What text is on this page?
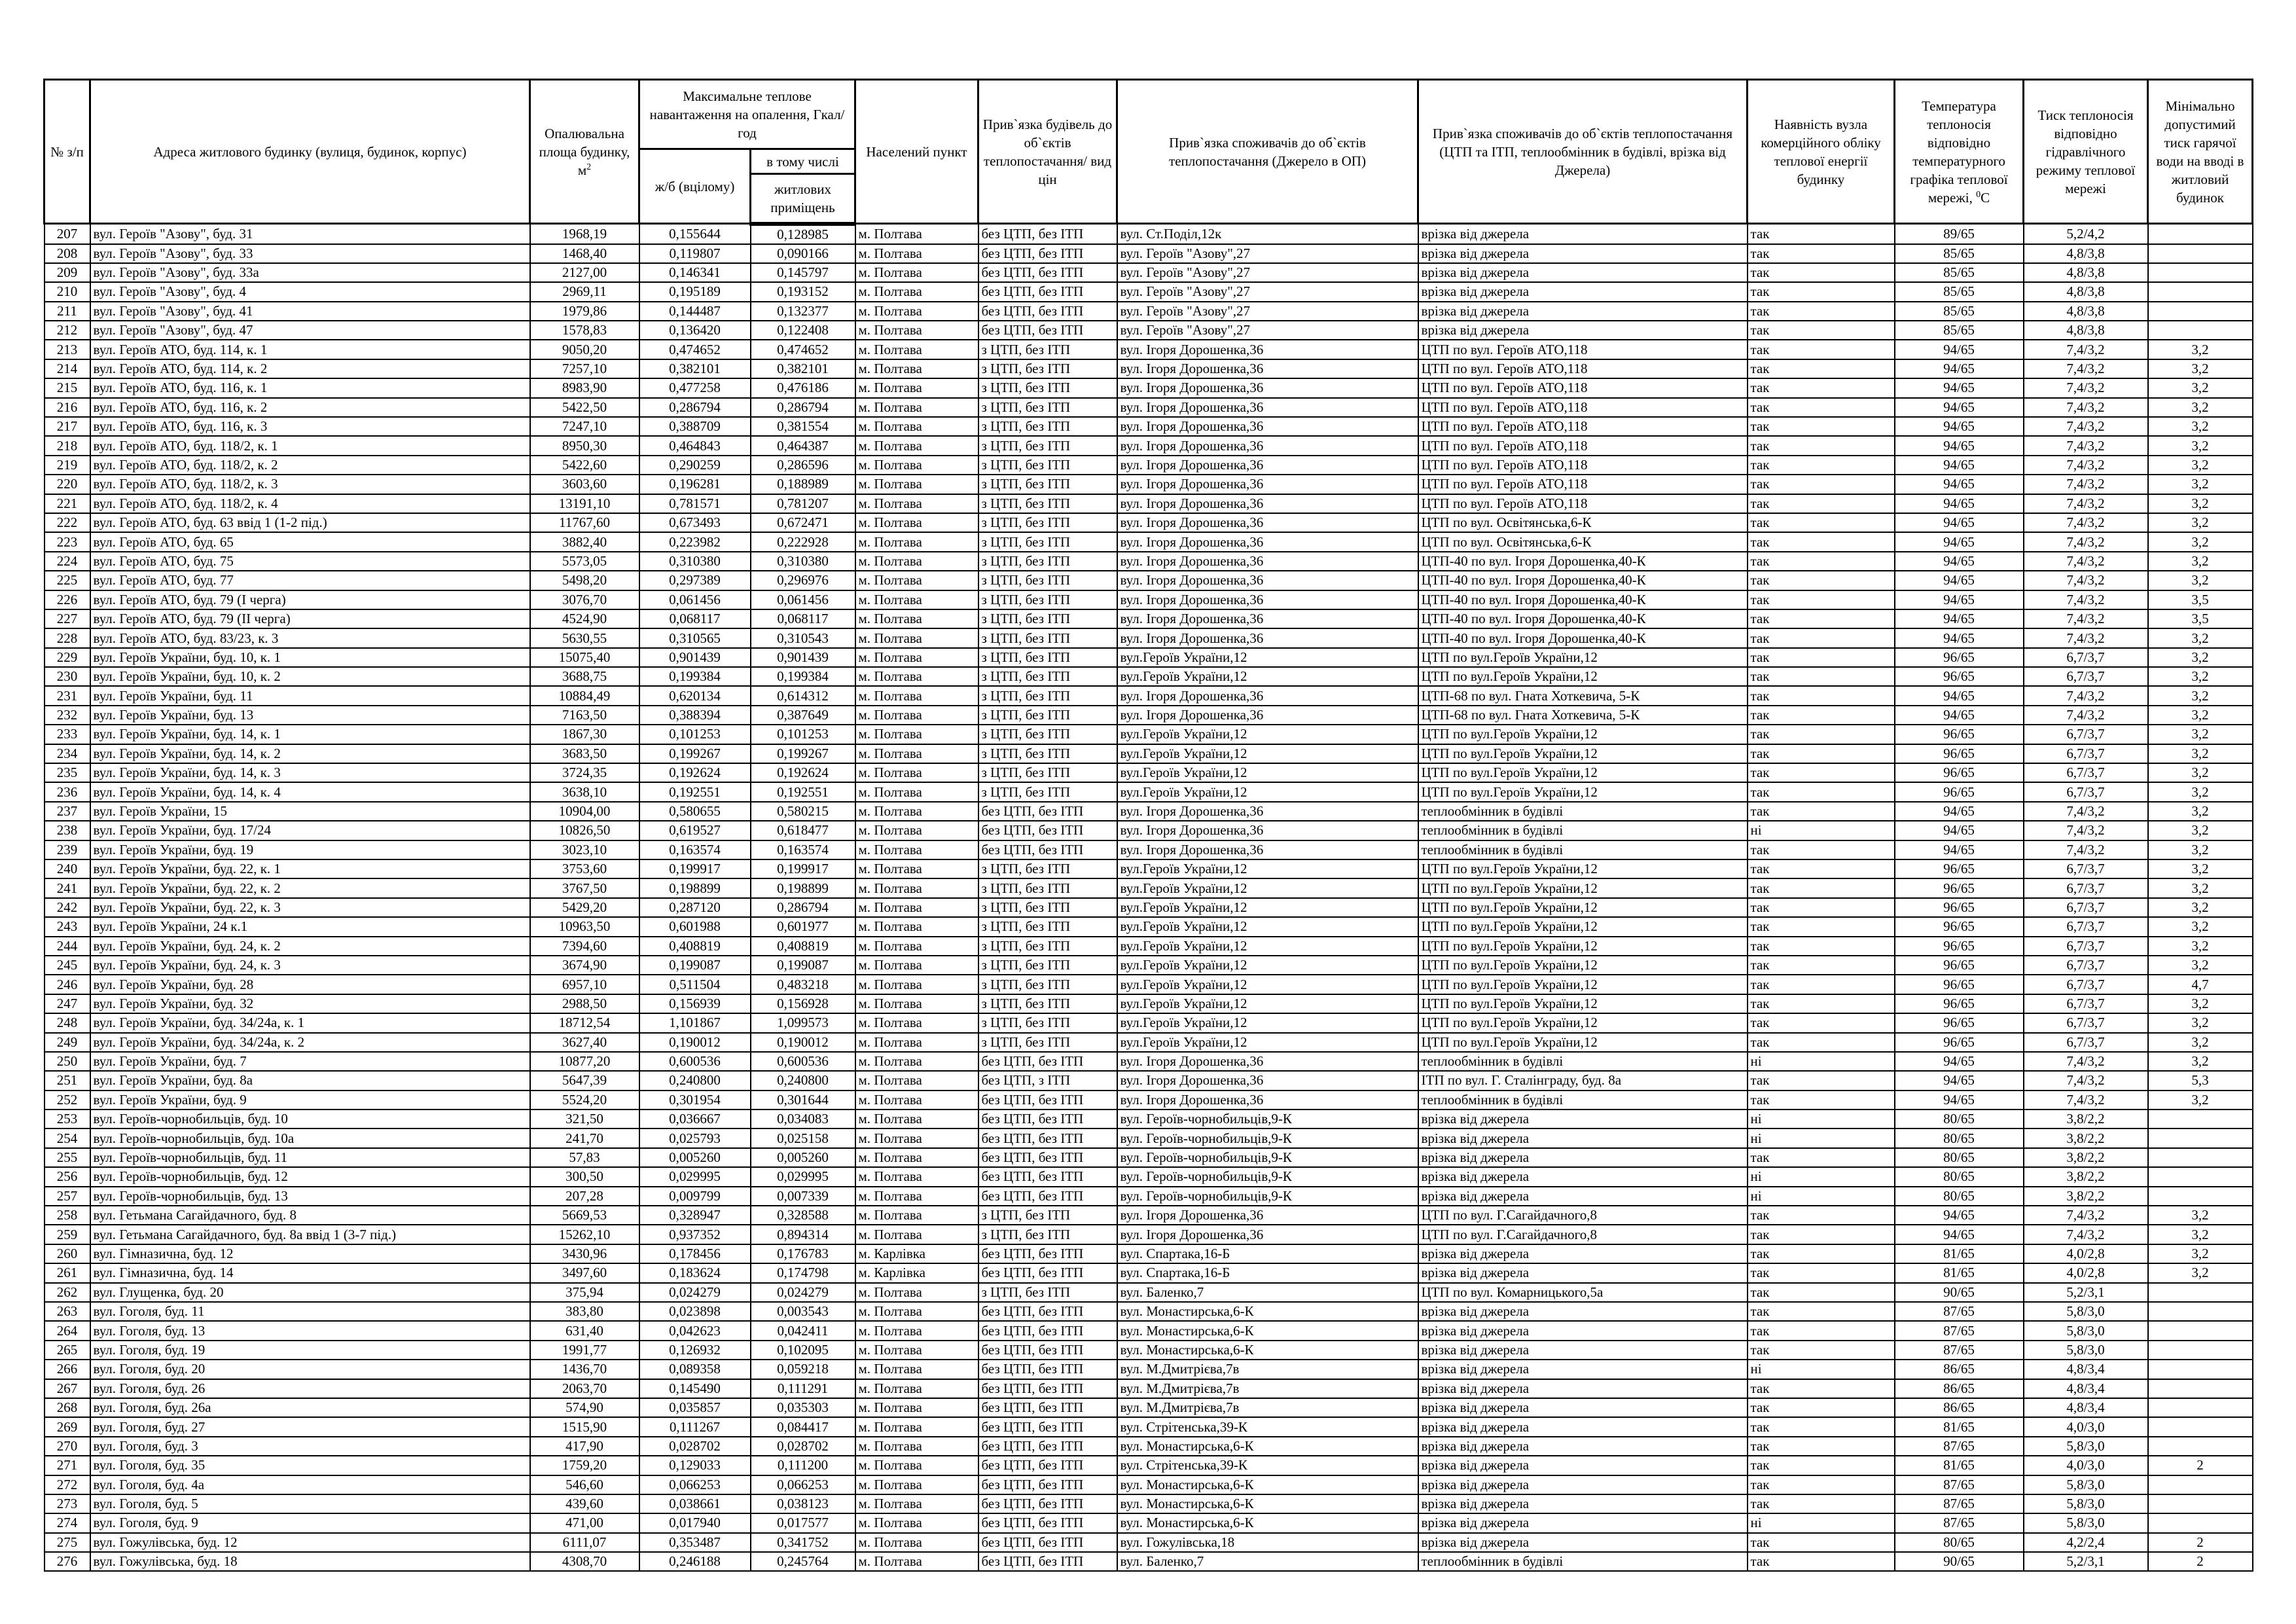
№ з/п	Адреса житлового будинку (вулиця, будинок, корпус)	Опалювальна площа будинку, $м^2$	Максимальне теплове навантаження на опалення, Гкал/год		Населений пункт	Прив`язка будівель до об`єктів теплопостачання/ вид цін	Прив`язка споживачів до об`єктів теплопостачання (Джерело в ОП)	Прив`язка споживачів до об`єктів теплопостачання (ЦТП та ІТП, теплообмінник в будівлі, врізка від Джерела)	Наявність вузла комерційного обліку теплової енергії будинку	Температура теплоносія відповідно температурного графіка теплової мережі, $^0$C	Тиск теплоносія відповідно гідравлічного режиму теплової мережі	Мінімально допустимий тиск гарячої води на вводі в житловий будинок
			ж/б (вцілому)	в тому числі								
				житлових приміщень								
207	вул. Героїв "Азову", буд. 31	1968,19	0,155644	0,128985	м. Полтава	без ЦТП, без ІТП	вул. Ст.Поділ,12к	врізка від джерела	так	89/65	5,2/4,2	
208	вул. Героїв "Азову", буд. 33	1468,40	0,119807	0,090166	м. Полтава	без ЦТП, без ІТП	вул. Героїв "Азову",27	врізка від джерела	так	85/65	4,8/3,8	
209	вул. Героїв "Азову", буд. 33а	2127,00	0,146341	0,145797	м. Полтава	без ЦТП, без ІТП	вул. Героїв "Азову",27	врізка від джерела	так	85/65	4,8/3,8	
210	вул. Героїв "Азову", буд. 4	2969,11	0,195189	0,193152	м. Полтава	без ЦТП, без ІТП	вул. Героїв "Азову",27	врізка від джерела	так	85/65	4,8/3,8	
211	вул. Героїв "Азову", буд. 41	1979,86	0,144487	0,132377	м. Полтава	без ЦТП, без ІТП	вул. Героїв "Азову",27	врізка від джерела	так	85/65	4,8/3,8	
212	вул. Героїв "Азову", буд. 47	1578,83	0,136420	0,122408	м. Полтава	без ЦТП, без ІТП	вул. Героїв "Азову",27	врізка від джерела	так	85/65	4,8/3,8	
213	вул. Героїв АТО, буд. 114, к. 1	9050,20	0,474652	0,474652	м. Полтава	з ЦТП, без ІТП	вул. Ігоря Дорошенка,36	ЦТП по вул. Героїв АТО,118	так	94/65	7,4/3,2	3,2
214	вул. Героїв АТО, буд. 114, к. 2	7257,10	0,382101	0,382101	м. Полтава	з ЦТП, без ІТП	вул. Ігоря Дорошенка,36	ЦТП по вул. Героїв АТО,118	так	94/65	7,4/3,2	3,2
215	вул. Героїв АТО, буд. 116, к. 1	8983,90	0,477258	0,476186	м. Полтава	з ЦТП, без ІТП	вул. Ігоря Дорошенка,36	ЦТП по вул. Героїв АТО,118	так	94/65	7,4/3,2	3,2
216	вул. Героїв АТО, буд. 116, к. 2	5422,50	0,286794	0,286794	м. Полтава	з ЦТП, без ІТП	вул. Ігоря Дорошенка,36	ЦТП по вул. Героїв АТО,118	так	94/65	7,4/3,2	3,2
217	вул. Героїв АТО, буд. 116, к. 3	7247,10	0,388709	0,381554	м. Полтава	з ЦТП, без ІТП	вул. Ігоря Дорошенка,36	ЦТП по вул. Героїв АТО,118	так	94/65	7,4/3,2	3,2
218	вул. Героїв АТО, буд. 118/2, к. 1	8950,30	0,464843	0,464387	м. Полтава	з ЦТП, без ІТП	вул. Ігоря Дорошенка,36	ЦТП по вул. Героїв АТО,118	так	94/65	7,4/3,2	3,2
219	вул. Героїв АТО, буд. 118/2, к. 2	5422,60	0,290259	0,286596	м. Полтава	з ЦТП, без ІТП	вул. Ігоря Дорошенка,36	ЦТП по вул. Героїв АТО,118	так	94/65	7,4/3,2	3,2
220	вул. Героїв АТО, буд. 118/2, к. 3	3603,60	0,196281	0,188989	м. Полтава	з ЦТП, без ІТП	вул. Ігоря Дорошенка,36	ЦТП по вул. Героїв АТО,118	так	94/65	7,4/3,2	3,2
221	вул. Героїв АТО, буд. 118/2, к. 4	13191,10	0,781571	0,781207	м. Полтава	з ЦТП, без ІТП	вул. Ігоря Дорошенка,36	ЦТП по вул. Героїв АТО,118	так	94/65	7,4/3,2	3,2
222	вул. Героїв АТО, буд. 63 ввід 1 (1-2 під.)	11767,60	0,673493	0,672471	м. Полтава	з ЦТП, без ІТП	вул. Ігоря Дорошенка,36	ЦТП по вул. Освітянська,6-К	так	94/65	7,4/3,2	3,2
223	вул. Героїв АТО, буд. 65	3882,40	0,223982	0,222928	м. Полтава	з ЦТП, без ІТП	вул. Ігоря Дорошенка,36	ЦТП по вул. Освітянська,6-К	так	94/65	7,4/3,2	3,2
224	вул. Героїв АТО, буд. 75	5573,05	0,310380	0,310380	м. Полтава	з ЦТП, без ІТП	вул. Ігоря Дорошенка,36	ЦТП-40 по вул. Ігоря Дорошенка,40-К	так	94/65	7,4/3,2	3,2
225	вул. Героїв АТО, буд. 77	5498,20	0,297389	0,296976	м. Полтава	з ЦТП, без ІТП	вул. Ігоря Дорошенка,36	ЦТП-40 по вул. Ігоря Дорошенка,40-К	так	94/65	7,4/3,2	3,2
226	вул. Героїв АТО, буд. 79 (І черга)	3076,70	0,061456	0,061456	м. Полтава	з ЦТП, без ІТП	вул. Ігоря Дорошенка,36	ЦТП-40 по вул. Ігоря Дорошенка,40-К	так	94/65	7,4/3,2	3,5
227	вул. Героїв АТО, буд. 79 (ІІ черга)	4524,90	0,068117	0,068117	м. Полтава	з ЦТП, без ІТП	вул. Ігоря Дорошенка,36	ЦТП-40 по вул. Ігоря Дорошенка,40-К	так	94/65	7,4/3,2	3,5
228	вул. Героїв АТО, буд. 83/23, к. 3	5630,55	0,310565	0,310543	м. Полтава	з ЦТП, без ІТП	вул. Ігоря Дорошенка,36	ЦТП-40 по вул. Ігоря Дорошенка,40-К	так	94/65	7,4/3,2	3,2
229	вул. Героїв України, буд. 10, к. 1	15075,40	0,901439	0,901439	м. Полтава	з ЦТП, без ІТП	вул.Героїв України,12	ЦТП по вул.Героїв України,12	так	96/65	6,7/3,7	3,2
230	вул. Героїв України, буд. 10, к. 2	3688,75	0,199384	0,199384	м. Полтава	з ЦТП, без ІТП	вул.Героїв України,12	ЦТП по вул.Героїв України,12	так	96/65	6,7/3,7	3,2
231	вул. Героїв України, буд. 11	10884,49	0,620134	0,614312	м. Полтава	з ЦТП, без ІТП	вул. Ігоря Дорошенка,36	ЦТП-68 по вул. Гната Хоткевича, 5-К	так	94/65	7,4/3,2	3,2
232	вул. Героїв України, буд. 13	7163,50	0,388394	0,387649	м. Полтава	з ЦТП, без ІТП	вул. Ігоря Дорошенка,36	ЦТП-68 по вул. Гната Хоткевича, 5-К	так	94/65	7,4/3,2	3,2
233	вул. Героїв України, буд. 14, к. 1	1867,30	0,101253	0,101253	м. Полтава	з ЦТП, без ІТП	вул.Героїв України,12	ЦТП по вул.Героїв України,12	так	96/65	6,7/3,7	3,2
234	вул. Героїв України, буд. 14, к. 2	3683,50	0,199267	0,199267	м. Полтава	з ЦТП, без ІТП	вул.Героїв України,12	ЦТП по вул.Героїв України,12	так	96/65	6,7/3,7	3,2
235	вул. Героїв України, буд. 14, к. 3	3724,35	0,192624	0,192624	м. Полтава	з ЦТП, без ІТП	вул.Героїв України,12	ЦТП по вул.Героїв України,12	так	96/65	6,7/3,7	3,2
236	вул. Героїв України, буд. 14, к. 4	3638,10	0,192551	0,192551	м. Полтава	з ЦТП, без ІТП	вул.Героїв України,12	ЦТП по вул.Героїв України,12	так	96/65	6,7/3,7	3,2
237	вул. Героїв України, 15	10904,00	0,580655	0,580215	м. Полтава	без ЦТП, без ІТП	вул. Ігоря Дорошенка,36	теплообмінник в будівлі	так	94/65	7,4/3,2	3,2
238	вул. Героїв України, буд. 17/24	10826,50	0,619527	0,618477	м. Полтава	без ЦТП, без ІТП	вул. Ігоря Дорошенка,36	теплообмінник в будівлі	ні	94/65	7,4/3,2	3,2
239	вул. Героїв України, буд. 19	3023,10	0,163574	0,163574	м. Полтава	без ЦТП, без ІТП	вул. Ігоря Дорошенка,36	теплообмінник в будівлі	так	94/65	7,4/3,2	3,2
240	вул. Героїв України, буд. 22, к. 1	3753,60	0,199917	0,199917	м. Полтава	з ЦТП, без ІТП	вул.Героїв України,12	ЦТП по вул.Героїв України,12	так	96/65	6,7/3,7	3,2
241	вул. Героїв України, буд. 22, к. 2	3767,50	0,198899	0,198899	м. Полтава	з ЦТП, без ІТП	вул.Героїв України,12	ЦТП по вул.Героїв України,12	так	96/65	6,7/3,7	3,2
242	вул. Героїв України, буд. 22, к. 3	5429,20	0,287120	0,286794	м. Полтава	з ЦТП, без ІТП	вул.Героїв України,12	ЦТП по вул.Героїв України,12	так	96/65	6,7/3,7	3,2
243	вул. Героїв України, 24 к.1	10963,50	0,601988	0,601977	м. Полтава	з ЦТП, без ІТП	вул.Героїв України,12	ЦТП по вул.Героїв України,12	так	96/65	6,7/3,7	3,2
244	вул. Героїв України, буд. 24, к. 2	7394,60	0,408819	0,408819	м. Полтава	з ЦТП, без ІТП	вул.Героїв України,12	ЦТП по вул.Героїв України,12	так	96/65	6,7/3,7	3,2
245	вул. Героїв України, буд. 24, к. 3	3674,90	0,199087	0,199087	м. Полтава	з ЦТП, без ІТП	вул.Героїв України,12	ЦТП по вул.Героїв України,12	так	96/65	6,7/3,7	3,2
246	вул. Героїв України, буд. 28	6957,10	0,511504	0,483218	м. Полтава	з ЦТП, без ІТП	вул.Героїв України,12	ЦТП по вул.Героїв України,12	так	96/65	6,7/3,7	4,7
247	вул. Героїв України, буд. 32	2988,50	0,156939	0,156928	м. Полтава	з ЦТП, без ІТП	вул.Героїв України,12	ЦТП по вул.Героїв України,12	так	96/65	6,7/3,7	3,2
248	вул. Героїв України, буд. 34/24а, к. 1	18712,54	1,101867	1,099573	м. Полтава	з ЦТП, без ІТП	вул.Героїв України,12	ЦТП по вул.Героїв України,12	так	96/65	6,7/3,7	3,2
249	вул. Героїв України, буд. 34/24а, к. 2	3627,40	0,190012	0,190012	м. Полтава	з ЦТП, без ІТП	вул.Героїв України,12	ЦТП по вул.Героїв України,12	так	96/65	6,7/3,7	3,2
250	вул. Героїв України, буд. 7	10877,20	0,600536	0,600536	м. Полтава	без ЦТП, без ІТП	вул. Ігоря Дорошенка,36	теплообмінник в будівлі	ні	94/65	7,4/3,2	3,2
251	вул. Героїв України, буд. 8а	5647,39	0,240800	0,240800	м. Полтава	без ЦТП, з ІТП	вул. Ігоря Дорошенка,36	ІТП по вул. Г. Сталінграду, буд. 8а	так	94/65	7,4/3,2	5,3
252	вул. Героїв України, буд. 9	5524,20	0,301954	0,301644	м. Полтава	без ЦТП, без ІТП	вул. Ігоря Дорошенка,36	теплообмінник в будівлі	так	94/65	7,4/3,2	3,2
253	вул. Героїв-чорнобильців, буд. 10	321,50	0,036667	0,034083	м. Полтава	без ЦТП, без ІТП	вул. Героїв-чорнобильців,9-К	врізка від джерела	ні	80/65	3,8/2,2	
254	вул. Героїв-чорнобильців, буд. 10а	241,70	0,025793	0,025158	м. Полтава	без ЦТП, без ІТП	вул. Героїв-чорнобильців,9-К	врізка від джерела	ні	80/65	3,8/2,2	
255	вул. Героїв-чорнобильців, буд. 11	57,83	0,005260	0,005260	м. Полтава	без ЦТП, без ІТП	вул. Героїв-чорнобильців,9-К	врізка від джерела	так	80/65	3,8/2,2	
256	вул. Героїв-чорнобильців, буд. 12	300,50	0,029995	0,029995	м. Полтава	без ЦТП, без ІТП	вул. Героїв-чорнобильців,9-К	врізка від джерела	ні	80/65	3,8/2,2	
257	вул. Героїв-чорнобильців, буд. 13	207,28	0,009799	0,007339	м. Полтава	без ЦТП, без ІТП	вул. Героїв-чорнобильців,9-К	врізка від джерела	ні	80/65	3,8/2,2	
258	вул. Гетьмана Сагайдачного, буд. 8	5669,53	0,328947	0,328588	м. Полтава	з ЦТП, без ІТП	вул. Ігоря Дорошенка,36	ЦТП по вул. Г.Сагайдачного,8	так	94/65	7,4/3,2	3,2
259	вул. Гетьмана Сагайдачного, буд. 8а ввід 1 (3-7 під.)	15262,10	0,937352	0,894314	м. Полтава	з ЦТП, без ІТП	вул. Ігоря Дорошенка,36	ЦТП по вул. Г.Сагайдачного,8	так	94/65	7,4/3,2	3,2
260	вул. Гімназична, буд. 12	3430,96	0,178456	0,176783	м. Карлівка	без ЦТП, без ІТП	вул. Спартака,16-Б	врізка від джерела	так	81/65	4,0/2,8	3,2
261	вул. Гімназична, буд. 14	3497,60	0,183624	0,174798	м. Карлівка	без ЦТП, без ІТП	вул. Спартака,16-Б	врізка від джерела	так	81/65	4,0/2,8	3,2
262	вул. Глущенка, буд. 20	375,94	0,024279	0,024279	м. Полтава	з ЦТП, без ІТП	вул. Баленко,7	ЦТП по вул. Комарницького,5а	так	90/65	5,2/3,1	
263	вул. Гоголя, буд. 11	383,80	0,023898	0,003543	м. Полтава	без ЦТП, без ІТП	вул. Монастирська,6-К	врізка від джерела	так	87/65	5,8/3,0	
264	вул. Гоголя, буд. 13	631,40	0,042623	0,042411	м. Полтава	без ЦТП, без ІТП	вул. Монастирська,6-К	врізка від джерела	так	87/65	5,8/3,0	
265	вул. Гоголя, буд. 19	1991,77	0,126932	0,102095	м. Полтава	без ЦТП, без ІТП	вул. Монастирська,6-К	врізка від джерела	так	87/65	5,8/3,0	
266	вул. Гоголя, буд. 20	1436,70	0,089358	0,059218	м. Полтава	без ЦТП, без ІТП	вул. М.Дмитрієва,7в	врізка від джерела	ні	86/65	4,8/3,4	
267	вул. Гоголя, буд. 26	2063,70	0,145490	0,111291	м. Полтава	без ЦТП, без ІТП	вул. М.Дмитрієва,7в	врізка від джерела	так	86/65	4,8/3,4	
268	вул. Гоголя, буд. 26а	574,90	0,035857	0,035303	м. Полтава	без ЦТП, без ІТП	вул. М.Дмитрієва,7в	врізка від джерела	так	86/65	4,8/3,4	
269	вул. Гоголя, буд. 27	1515,90	0,111267	0,084417	м. Полтава	без ЦТП, без ІТП	вул. Стрітенська,39-К	врізка від джерела	так	81/65	4,0/3,0	
270	вул. Гоголя, буд. 3	417,90	0,028702	0,028702	м. Полтава	без ЦТП, без ІТП	вул. Монастирська,6-К	врізка від джерела	так	87/65	5,8/3,0	
271	вул. Гоголя, буд. 35	1759,20	0,129033	0,111200	м. Полтава	без ЦТП, без ІТП	вул. Стрітенська,39-К	врізка від джерела	так	81/65	4,0/3,0	2
272	вул. Гоголя, буд. 4а	546,60	0,066253	0,066253	м. Полтава	без ЦТП, без ІТП	вул. Монастирська,6-К	врізка від джерела	так	87/65	5,8/3,0	
273	вул. Гоголя, буд. 5	439,60	0,038661	0,038123	м. Полтава	без ЦТП, без ІТП	вул. Монастирська,6-К	врізка від джерела	так	87/65	5,8/3,0	
274	вул. Гоголя, буд. 9	471,00	0,017940	0,017577	м. Полтава	без ЦТП, без ІТП	вул. Монастирська,6-К	врізка від джерела	ні	87/65	5,8/3,0	
275	вул. Гожулівська, буд. 12	6111,07	0,353487	0,341752	м. Полтава	без ЦТП, без ІТП	вул. Гожулівська,18	врізка від джерела	так	80/65	4,2/2,4	2
276	вул. Гожулівська, буд. 18	4308,70	0,246188	0,245764	м. Полтава	без ЦТП, без ІТП	вул. Баленко,7	теплообмінник в будівлі	так	90/65	5,2/3,1	2
